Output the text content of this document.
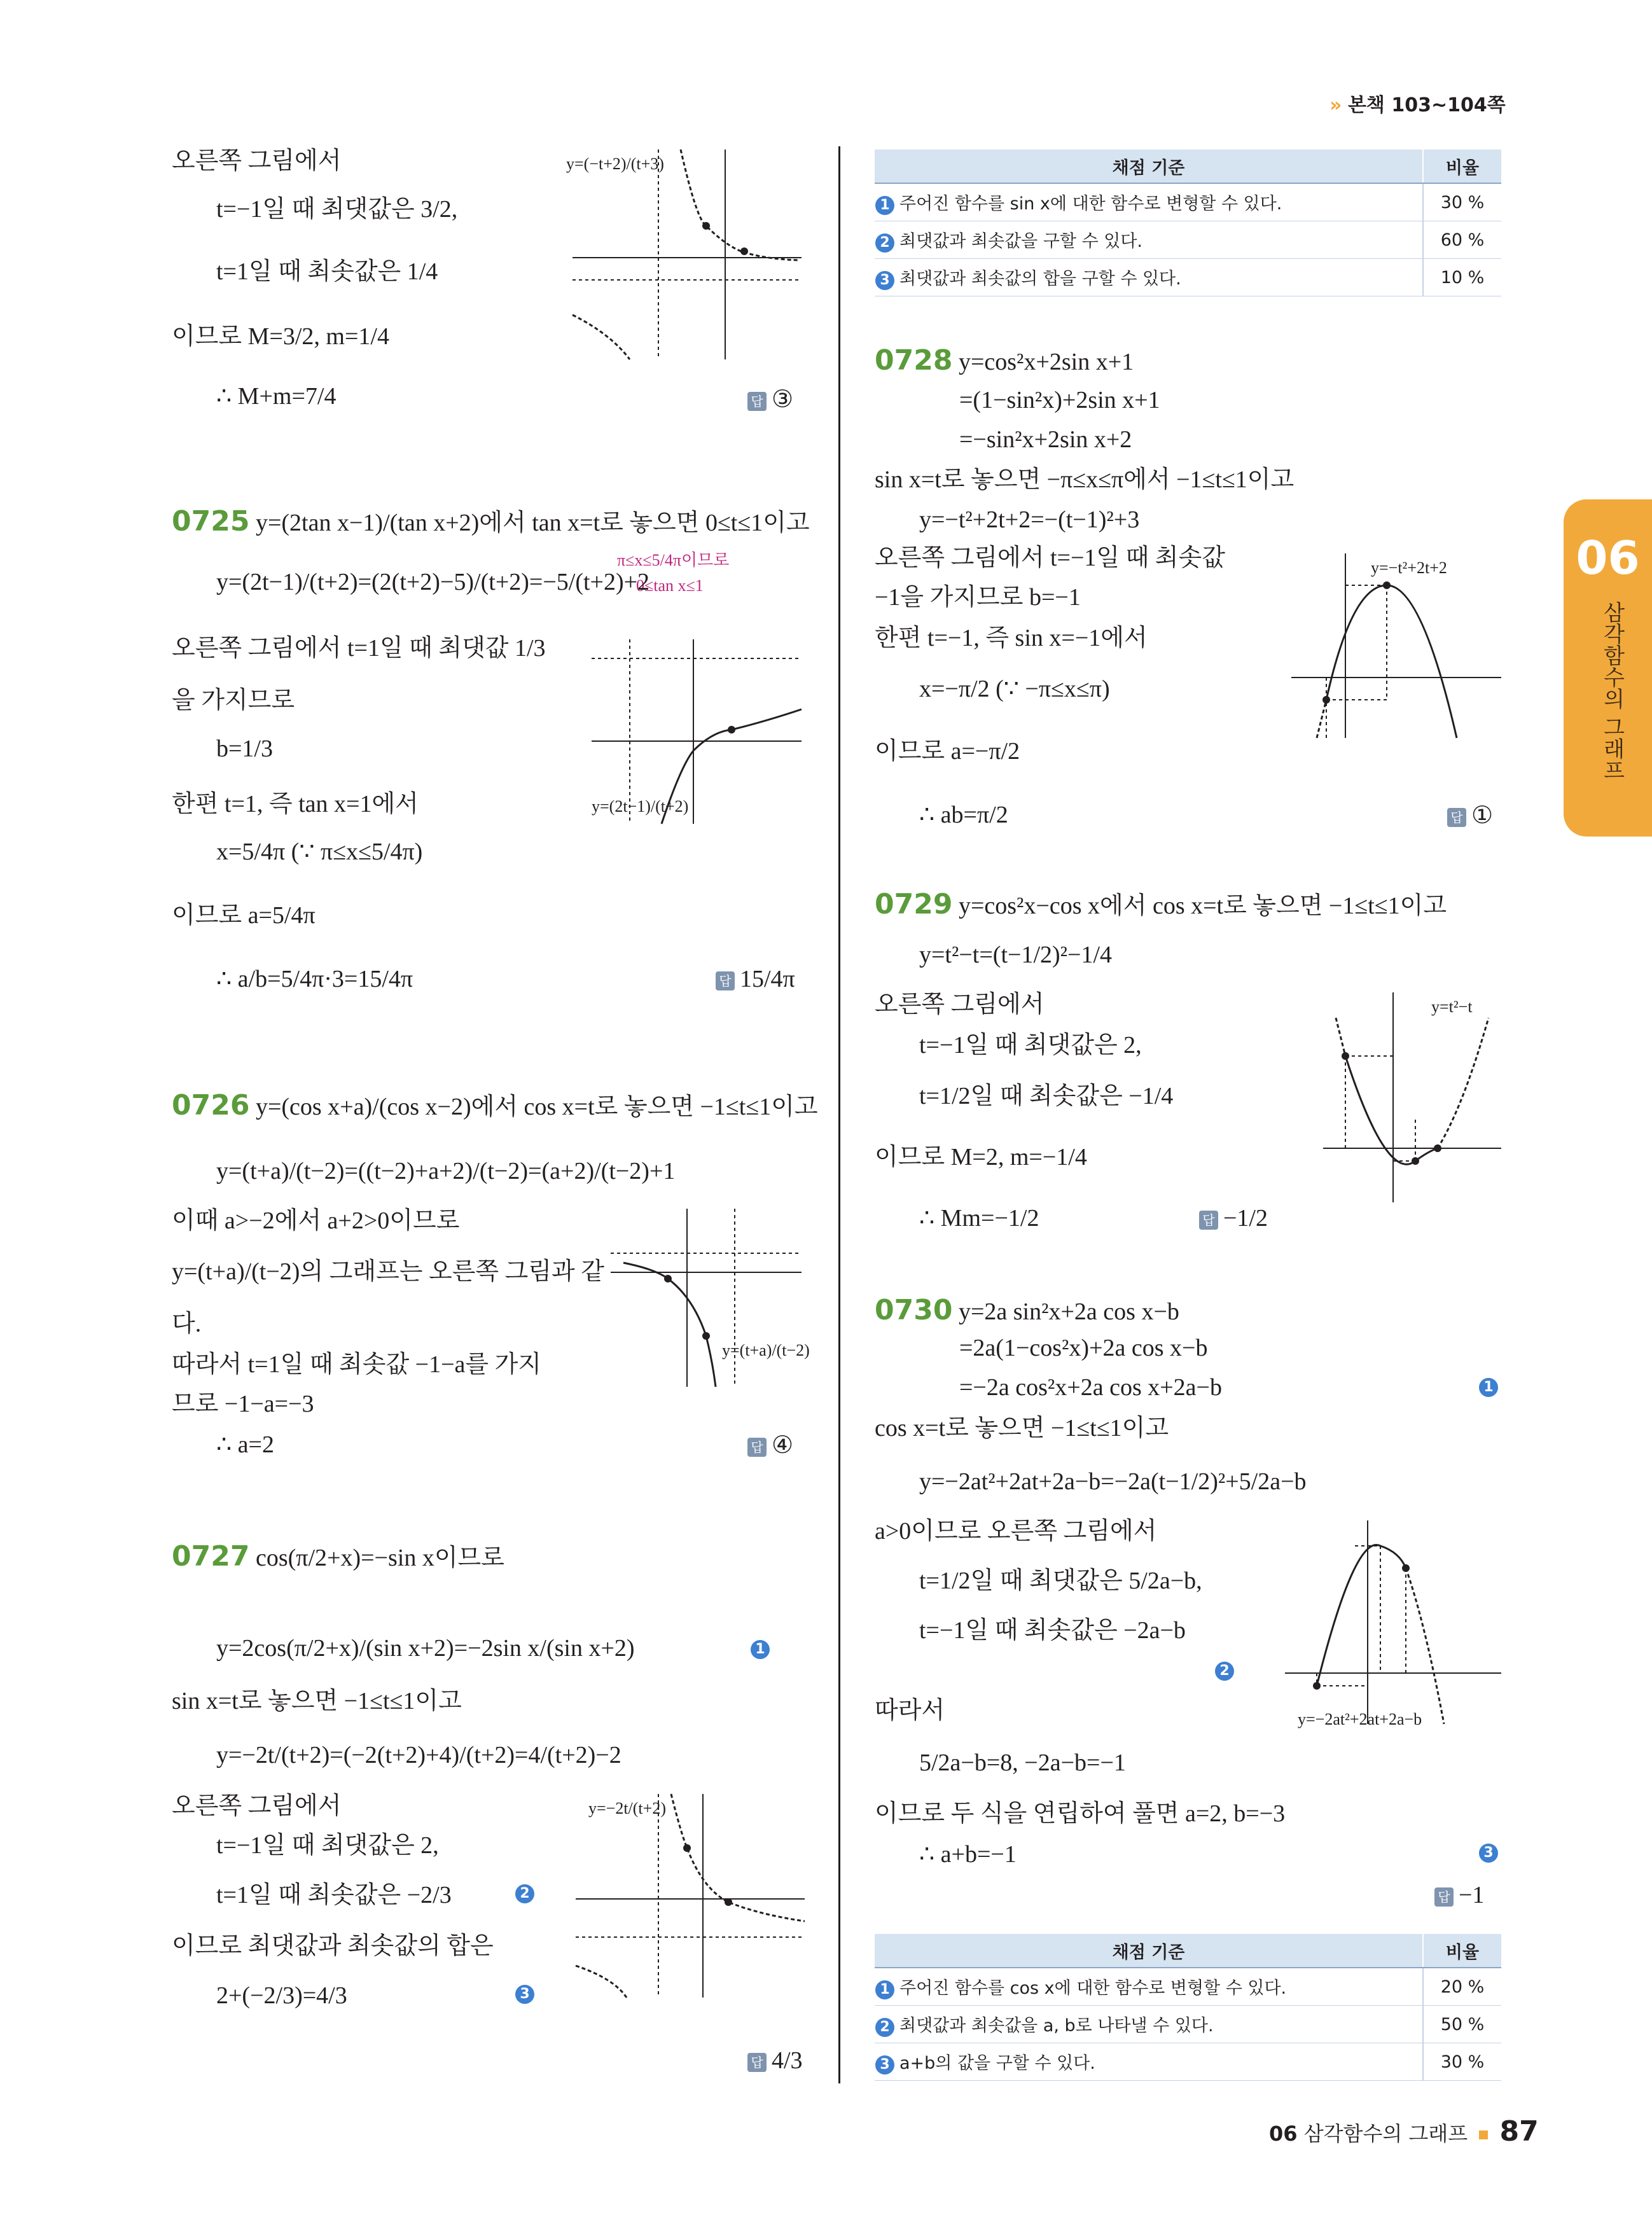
» 본책 103~104쪽
06
삼각함수의 그래프
오른쪽 그림에서
t=−1일 때 최댓값은 3/2,
t=1일 때 최솟값은 1/4
이므로 M=3/2, m=1/4
∴ M+m=7/4	답 ③
y=(−t+2)/(t+3)
0725 y=(2tan x−1)/(tan x+2)에서 tan x=t로 놓으면 0≤t≤1이고
π≤x≤5/4π이므로
0≤tan x≤1
y=(2t−1)/(t+2)=(2(t+2)−5)/(t+2)=−5/(t+2)+2
오른쪽 그림에서 t=1일 때 최댓값 1/3
을 가지므로
b=1/3
한편 t=1, 즉 tan x=1에서
x=5/4π (∵ π≤x≤5/4π)
이므로 a=5/4π
∴ a/b=5/4π·3=15/4π	답 15/4π
y=(2t−1)/(t+2)
0726 y=(cos x+a)/(cos x−2)에서 cos x=t로 놓으면 −1≤t≤1이고
y=(t+a)/(t−2)=((t−2)+a+2)/(t−2)=(a+2)/(t−2)+1
이때 a>−2에서 a+2>0이므로
y=(t+a)/(t−2)의 그래프는 오른쪽 그림과 같
다.
따라서 t=1일 때 최솟값 −1−a를 가지
므로 −1−a=−3
∴ a=2	답 ④
y=(t+a)/(t−2)
0727 cos(π/2+x)=−sin x이므로
y=2cos(π/2+x)/(sin x+2)=−2sin x/(sin x+2)	1
sin x=t로 놓으면 −1≤t≤1이고
y=−2t/(t+2)=(−2(t+2)+4)/(t+2)=4/(t+2)−2
오른쪽 그림에서
t=−1일 때 최댓값은 2,
t=1일 때 최솟값은 −2/3	2
이므로 최댓값과 최솟값의 합은
2+(−2/3)=4/3	3
답 4/3
y=−2t/(t+2)
채점 기준	비율
1 주어진 함수를 sin x에 대한 함수로 변형할 수 있다.	30 %
2 최댓값과 최솟값을 구할 수 있다.	60 %
3 최댓값과 최솟값의 합을 구할 수 있다.	10 %
0728 y=cos²x+2sin x+1
=(1−sin²x)+2sin x+1
=−sin²x+2sin x+2
sin x=t로 놓으면 −π≤x≤π에서 −1≤t≤1이고
y=−t²+2t+2=−(t−1)²+3
오른쪽 그림에서 t=−1일 때 최솟값
−1을 가지므로 b=−1
한편 t=−1, 즉 sin x=−1에서
x=−π/2 (∵ −π≤x≤π)
이므로 a=−π/2
∴ ab=π/2	답 ①
y=−t²+2t+2
0729 y=cos²x−cos x에서 cos x=t로 놓으면 −1≤t≤1이고
y=t²−t=(t−1/2)²−1/4
오른쪽 그림에서
t=−1일 때 최댓값은 2,
t=1/2일 때 최솟값은 −1/4
이므로 M=2, m=−1/4
∴ Mm=−1/2	답 −1/2
y=t²−t
0730 y=2a sin²x+2a cos x−b
=2a(1−cos²x)+2a cos x−b
=−2a cos²x+2a cos x+2a−b	1
cos x=t로 놓으면 −1≤t≤1이고
y=−2at²+2at+2a−b=−2a(t−1/2)²+5/2a−b
a>0이므로 오른쪽 그림에서
t=1/2일 때 최댓값은 5/2a−b,
t=−1일 때 최솟값은 −2a−b
2
따라서
5/2a−b=8, −2a−b=−1
이므로 두 식을 연립하여 풀면 a=2, b=−3
∴ a+b=−1	3
답 −1
y=−2at²+2at+2a−b
채점 기준	비율
1 주어진 함수를 cos x에 대한 함수로 변형할 수 있다.	20 %
2 최댓값과 최솟값을 a, b로 나타낼 수 있다.	50 %
3 a+b의 값을 구할 수 있다.	30 %
06 삼각함수의 그래프 87
